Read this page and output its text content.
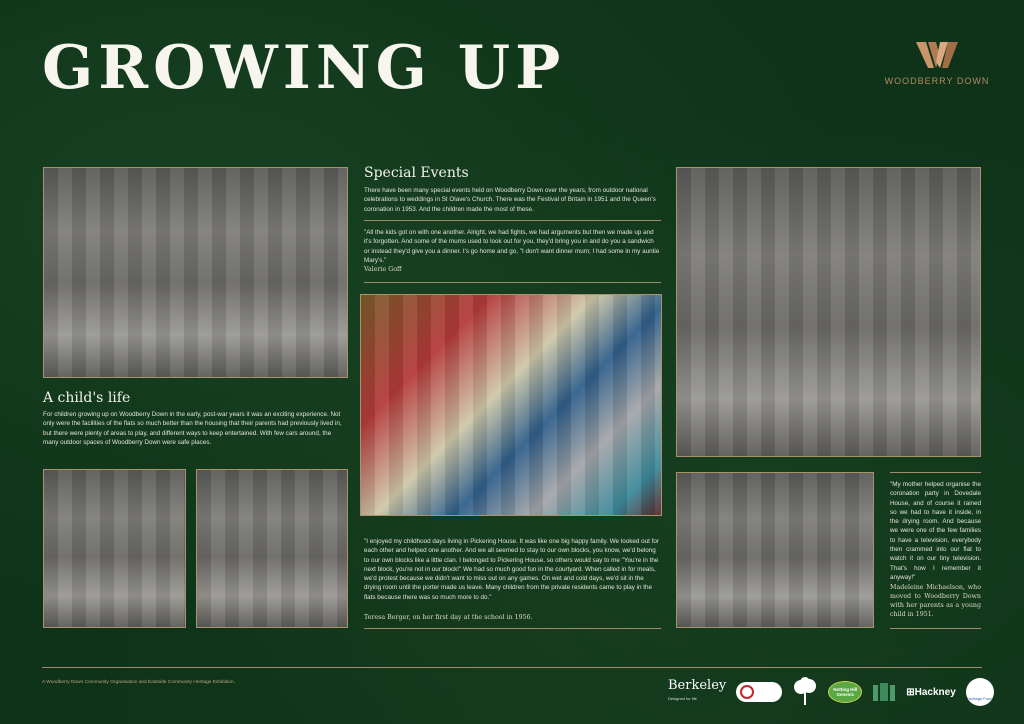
GROWING UP	WOODBERRY DOWN
A child's life

For children growing up on Woodberry Down in the early, post-war years it was an exciting experience. Not only were the facilities of the flats so much better than the housing that their parents had previously lived in, but there were plenty of areas to play, and different ways to keep entertained. With few cars around, the many outdoor spaces of Woodberry Down were safe places.

Special Events

There have been many special events held on Woodberry Down over the years, from outdoor national celebrations to weddings in St Olave's Church. There was the Festival of Britain in 1951 and the Queen's coronation in 1953. And the children made the most of these.

"All the kids got on with one another. Alright, we had fights, we had arguments but then we made up and it's forgotten. And some of the mums used to look out for you, they'd bring you in and do you a sandwich or instead they'd give you a dinner. I's go home and go, "I don't want dinner mum; I had some in my auntie Mary's."

Valerie Goff

"I enjoyed my childhood days living in Pickering House. It was like one big happy family. We looked out for each other and helped one another. And we all seemed to stay to our own blocks, you know, we'd belong to our own blocks like a little clan. I belonged to Pickering House, so others would say to me "You're in the next block, you're not in our block!" We had so much good fun in the courtyard. When called in for meals, we'd protest because we didn't want to miss out on any games. On wet and cold days, we'd sit in the drying room until the porter made us leave. Many children from the private residents came to play in the flats because there was so much more to do."

Teresa Berger, on her first day at the school in 1956.

"My mother helped organise the coronation party in Dovedale House, and of course it rained so we had to have it inside, in the drying room. And because we were one of the few families to have a television, everybody then crammed into our flat to watch it on our tiny television. That's how I remember it anyway!"

Madeleine Michaelson, who moved to Woodberry Down with her parents as a young child in 1951.

A Woodberry Down Community Organisation and Eastside Community Heritage Exhibition.	Berkeley
Designed for life
Notting Hill Genesis	⊞Hackney
Heritage Fund
